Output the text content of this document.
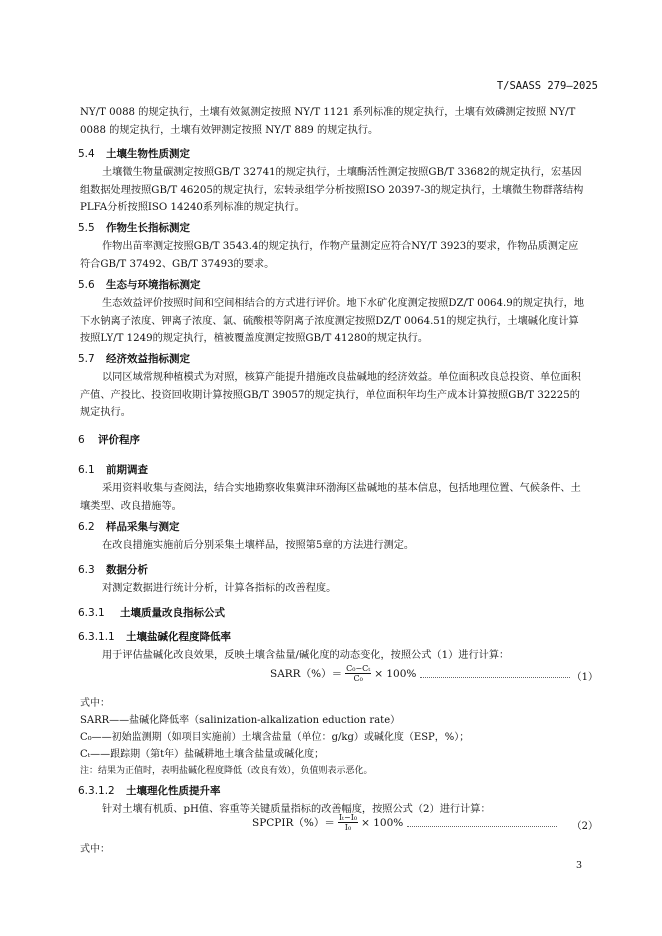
T/SAASS 279—2025
NY/T 0088 的规定执行，土壤有效氮测定按照 NY/T 1121 系列标准的规定执行，土壤有效磷测定按照 NY/T 0088 的规定执行，土壤有效钾测定按照 NY/T 889 的规定执行。
5.4 土壤生物性质测定
土壤微生物量碳测定按照GB/T 32741的规定执行，土壤酶活性测定按照GB/T 33682的规定执行，宏基因组数据处理按照GB/T 46205的规定执行，宏转录组学分析按照ISO 20397-3的规定执行，土壤微生物群落结构PLFA分析按照ISO 14240系列标准的规定执行。
5.5 作物生长指标测定
作物出苗率测定按照GB/T 3543.4的规定执行，作物产量测定应符合NY/T 3923的要求，作物品质测定应符合GB/T 37492、GB/T 37493的要求。
5.6 生态与环境指标测定
生态效益评价按照时间和空间相结合的方式进行评价。地下水矿化度测定按照DZ/T 0064.9的规定执行，地下水钠离子浓度、钾离子浓度、氯、硫酸根等阴离子浓度测定按照DZ/T 0064.51的规定执行，土壤碱化度计算按照LY/T 1249的规定执行，植被覆盖度测定按照GB/T 41280的规定执行。
5.7 经济效益指标测定
以同区域常规种植模式为对照，核算产能提升措施改良盐碱地的经济效益。单位面积改良总投资、单位面积产值、产投比、投资回收期计算按照GB/T 39057的规定执行，单位面积年均生产成本计算按照GB/T 32225的规定执行。
6 评价程序
6.1 前期调查
采用资料收集与查阅法，结合实地勘察收集冀津环渤海区盐碱地的基本信息，包括地理位置、气候条件、土壤类型、改良措施等。
6.2 样品采集与测定
在改良措施实施前后分别采集土壤样品，按照第5章的方法进行测定。
6.3 数据分析
对测定数据进行统计分析，计算各指标的改善程度。
6.3.1 土壤质量改良指标公式
6.3.1.1 土壤盐碱化程度降低率
用于评估盐碱化改良效果，反映土壤含盐量/碱化度的动态变化，按照公式（1）进行计算：
SARR（%）＝ $\frac{\text{C₀−Cₜ}}{\text{C₀}} \times 100\%$	（1）
式中：
SARR——盐碱化降低率（salinization-alkalization eduction rate）
C₀——初始监测期（如项目实施前）土壤含盐量（单位：g/kg）或碱化度（ESP，%）；
Cₜ——跟踪期（第t年）盐碱耕地土壤含盐量或碱化度；
注：结果为正值时，表明盐碱化程度降低（改良有效），负值则表示恶化。
6.3.1.2 土壤理化性质提升率
针对土壤有机质、pH值、容重等关键质量指标的改善幅度，按照公式（2）进行计算：
SPCPIR（%）＝ $\frac{\text{Iₜ−I₀}}{\text{I₀}} \times 100\%$	（2）
式中：
3
